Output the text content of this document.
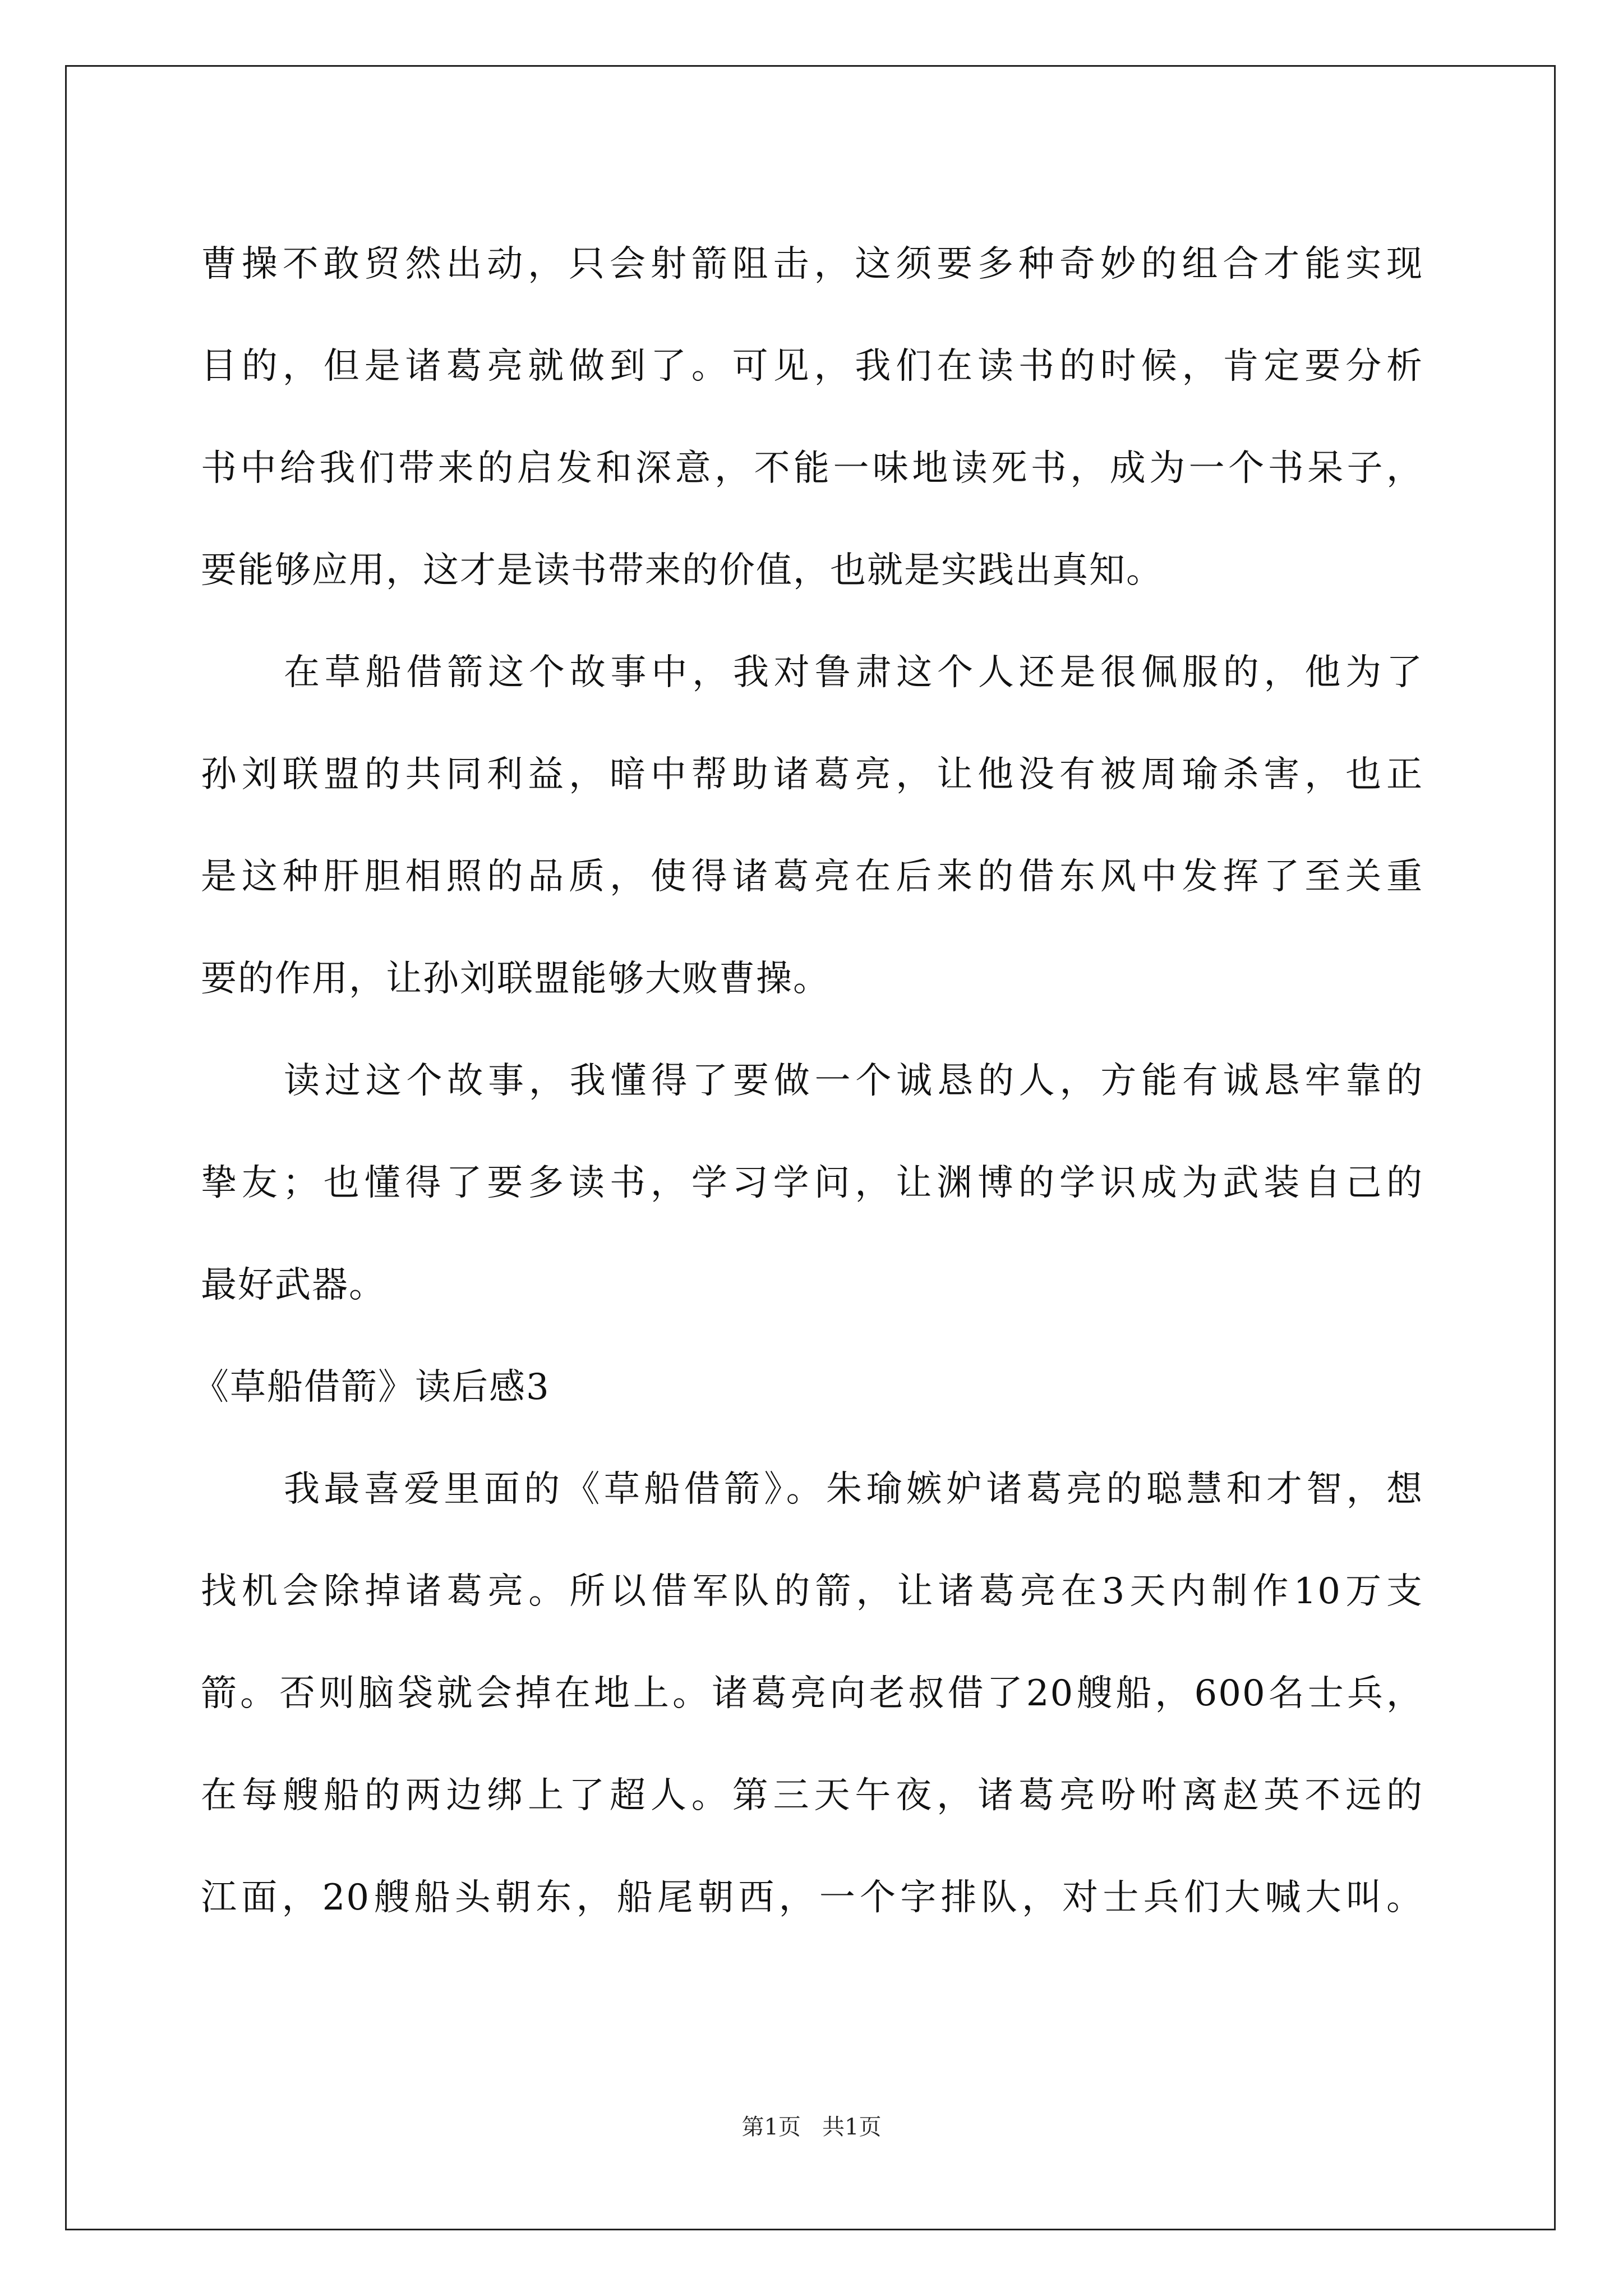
曹操不敢贸然出动，只会射箭阻击，这须要多种奇妙的组合才能实现
目的，但是诸葛亮就做到了。可见，我们在读书的时候，肯定要分析
书中给我们带来的启发和深意，不能一味地读死书，成为一个书呆子，
要能够应用，这才是读书带来的价值，也就是实践出真知。
在草船借箭这个故事中，我对鲁肃这个人还是很佩服的，他为了
孙刘联盟的共同利益，暗中帮助诸葛亮，让他没有被周瑜杀害，也正
是这种肝胆相照的品质，使得诸葛亮在后来的借东风中发挥了至关重
要的作用，让孙刘联盟能够大败曹操。
读过这个故事，我懂得了要做一个诚恳的人，方能有诚恳牢靠的
挚友；也懂得了要多读书，学习学问，让渊博的学识成为武装自己的
最好武器。
《草船借箭》读后感3
我最喜爱里面的《草船借箭》。朱瑜嫉妒诸葛亮的聪慧和才智，想
找机会除掉诸葛亮。所以借军队的箭，让诸葛亮在3天内制作10万支
箭。否则脑袋就会掉在地上。诸葛亮向老叔借了20艘船，600名士兵，
在每艘船的两边绑上了超人。第三天午夜，诸葛亮吩咐离赵英不远的
江面，20艘船头朝东，船尾朝西，一个字排队，对士兵们大喊大叫。
第1页   共1页
